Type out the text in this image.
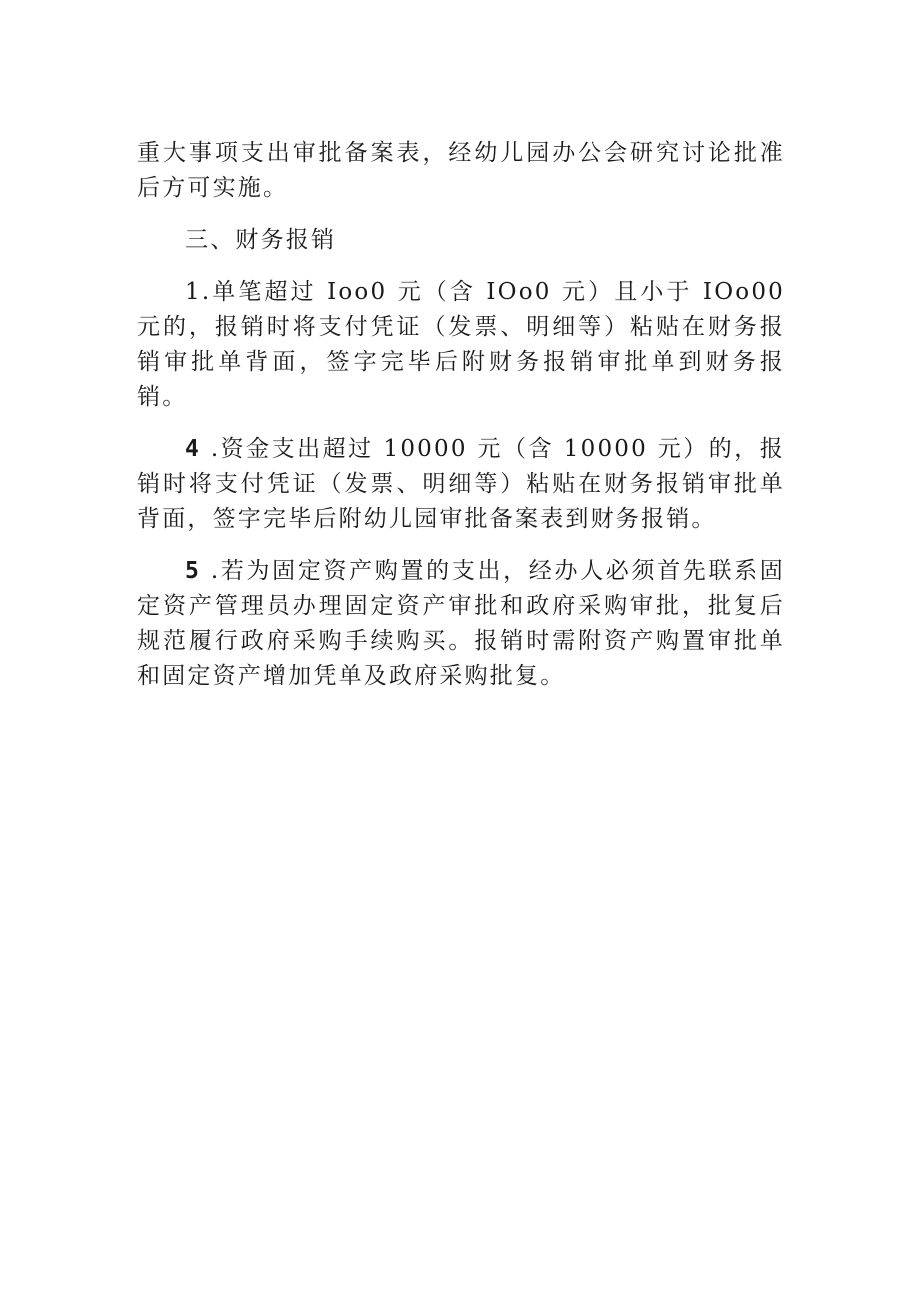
重大事项支出审批备案表，经幼儿园办公会研究讨论批准后方可实施。

三、财务报销

1.单笔超过 Ioo0 元（含 IOo0 元）且小于 IOo00 元的，报销时将支付凭证（发票、明细等）粘贴在财务报销审批单背面，签字完毕后附财务报销审批单到财务报销。

4 .资金支出超过 10000 元（含 10000 元）的，报销时将支付凭证（发票、明细等）粘贴在财务报销审批单背面，签字完毕后附幼儿园审批备案表到财务报销。

5 .若为固定资产购置的支出，经办人必须首先联系固定资产管理员办理固定资产审批和政府采购审批，批复后规范履行政府采购手续购买。报销时需附资产购置审批单和固定资产增加凭单及政府采购批复。
